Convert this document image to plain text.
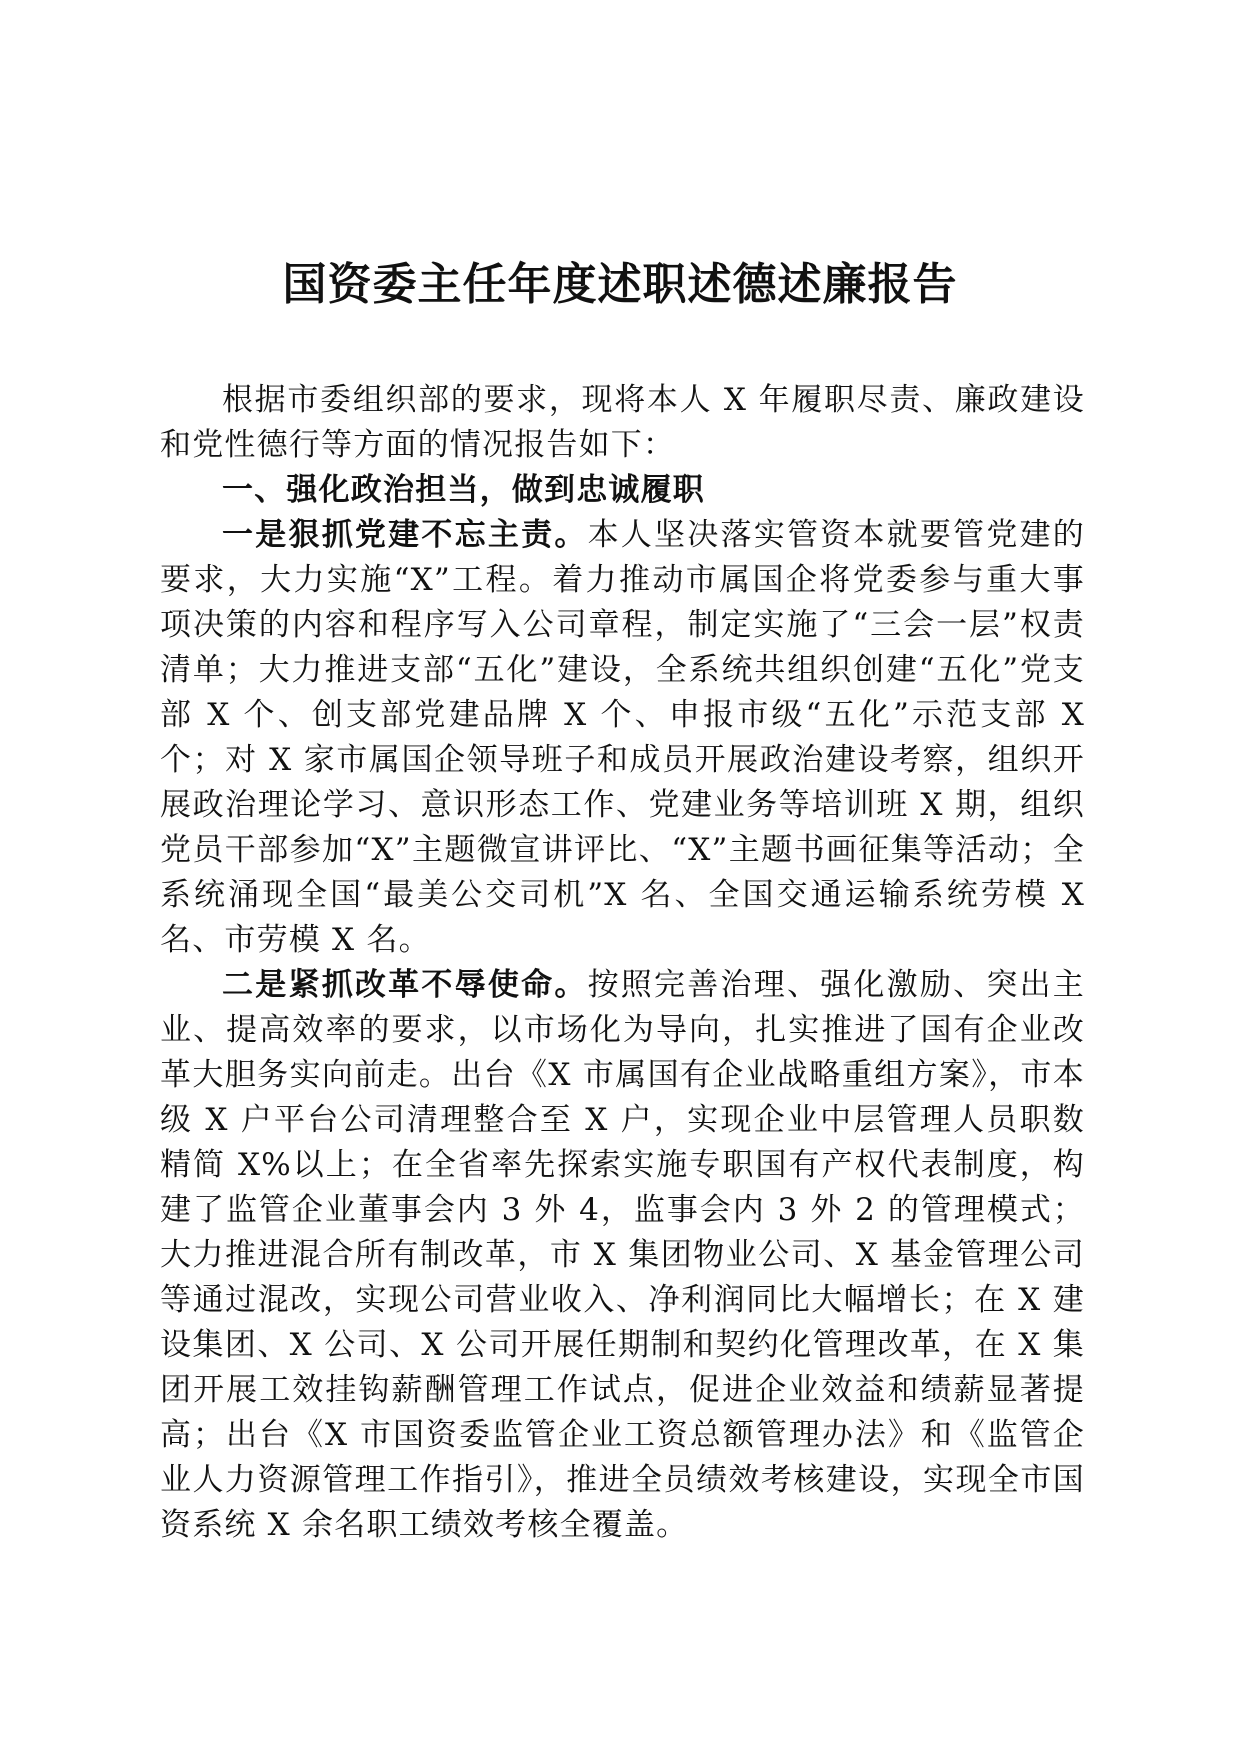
国资委主任年度述职述德述廉报告

根据市委组织部的要求，现将本人 X 年履职尽责、廉政建设和党性德行等方面的情况报告如下：

一、强化政治担当，做到忠诚履职

一是狠抓党建不忘主责。本人坚决落实管资本就要管党建的要求，大力实施“X”工程。着力推动市属国企将党委参与重大事项决策的内容和程序写入公司章程，制定实施了“三会一层”权责清单；大力推进支部“五化”建设，全系统共组织创建“五化”党支部 X 个、创支部党建品牌 X 个、申报市级“五化”示范支部 X 个；对 X 家市属国企领导班子和成员开展政治建设考察，组织开展政治理论学习、意识形态工作、党建业务等培训班 X 期，组织党员干部参加“X”主题微宣讲评比、“X”主题书画征集等活动；全系统涌现全国“最美公交司机”X 名、全国交通运输系统劳模 X 名、市劳模 X 名。

二是紧抓改革不辱使命。按照完善治理、强化激励、突出主业、提高效率的要求，以市场化为导向，扎实推进了国有企业改革大胆务实向前走。出台《X 市属国有企业战略重组方案》，市本级 X 户平台公司清理整合至 X 户，实现企业中层管理人员职数精简 X%以上；在全省率先探索实施专职国有产权代表制度，构建了监管企业董事会内 3 外 4，监事会内 3 外 2 的管理模式；大力推进混合所有制改革，市 X 集团物业公司、X 基金管理公司等通过混改，实现公司营业收入、净利润同比大幅增长；在 X 建设集团、X 公司、X 公司开展任期制和契约化管理改革，在 X 集团开展工效挂钩薪酬管理工作试点，促进企业效益和绩薪显著提高；出台《X 市国资委监管企业工资总额管理办法》和《监管企业人力资源管理工作指引》，推进全员绩效考核建设，实现全市国资系统 X 余名职工绩效考核全覆盖。
